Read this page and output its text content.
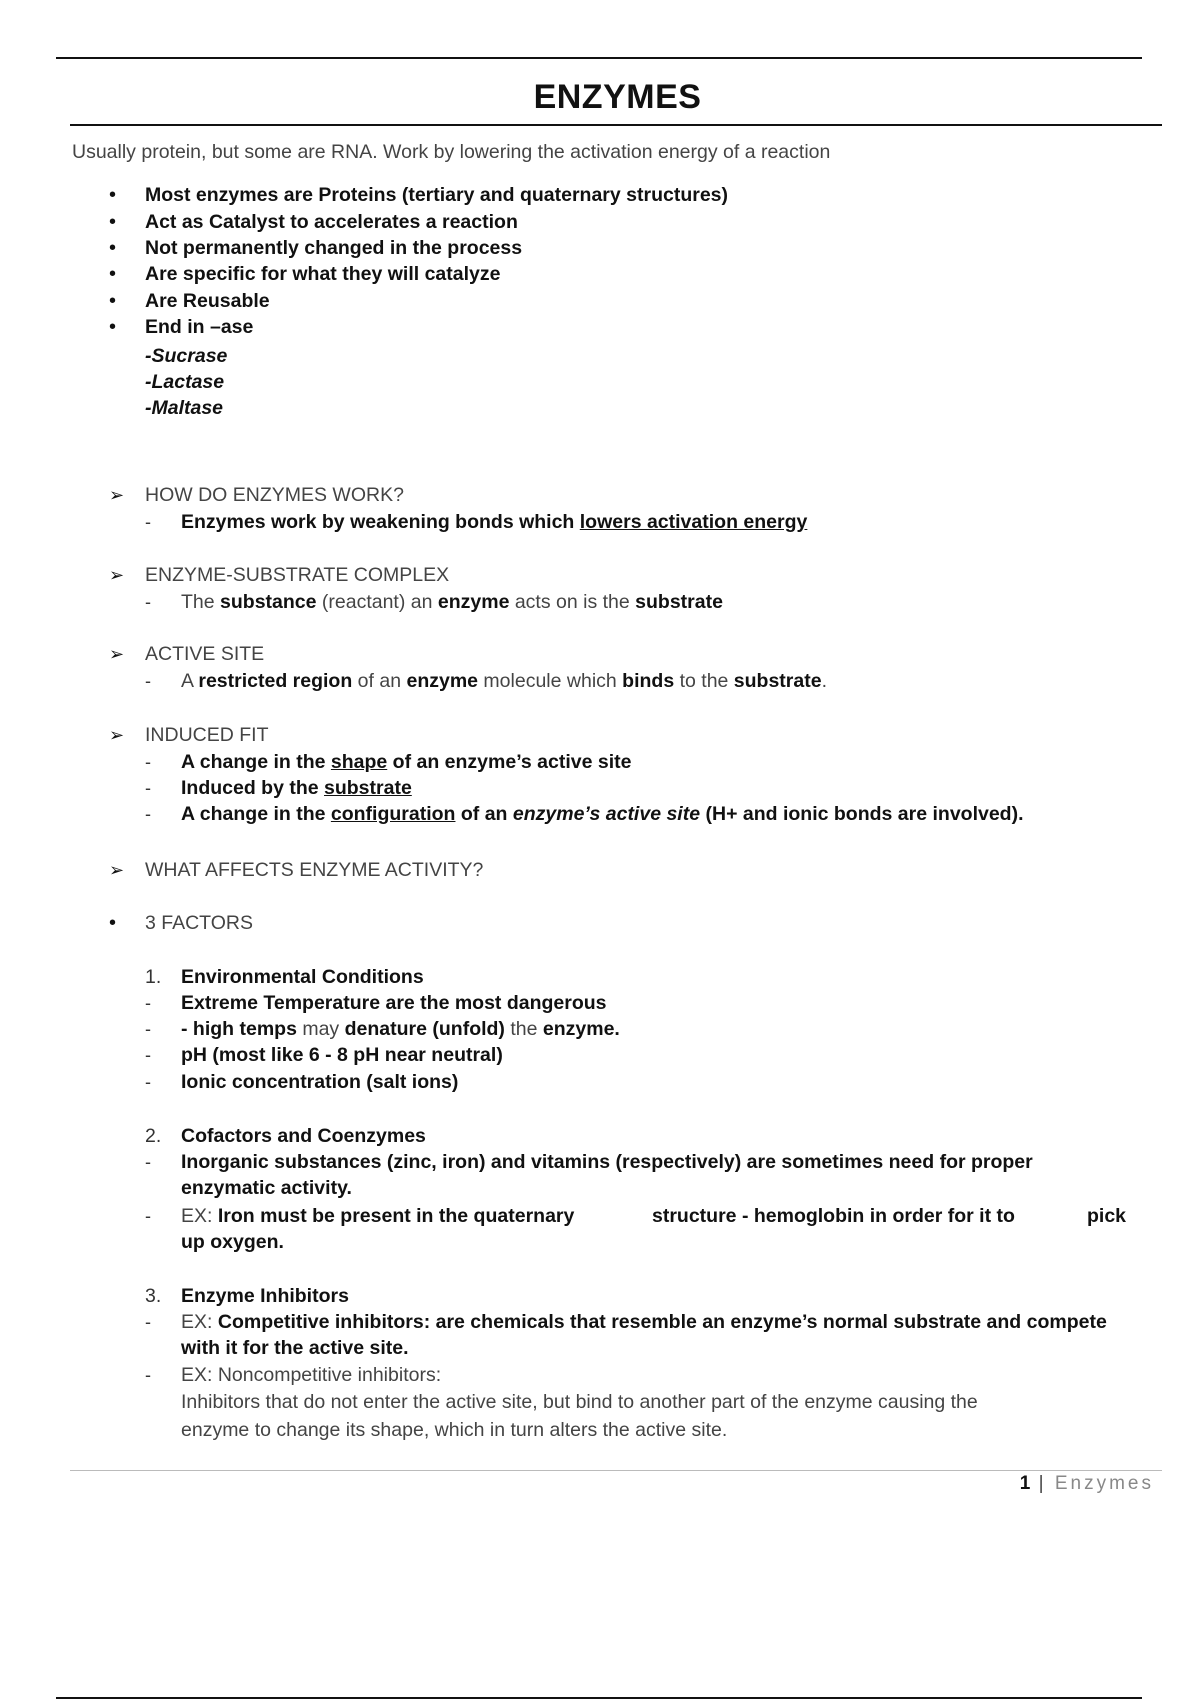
ENZYMES
Usually protein, but some are RNA. Work by lowering the activation energy of a reaction
• Most enzymes are Proteins (tertiary and quaternary structures)
• Act as Catalyst to accelerates a reaction
• Not permanently changed in the process
• Are specific for what they will catalyze
• Are Reusable
• End in –ase
-Sucrase
-Lactase
-Maltase
➢ HOW DO ENZYMES WORK?
- Enzymes work by weakening bonds which lowers activation energy
➢ ENZYME-SUBSTRATE COMPLEX
- The substance (reactant) an enzyme acts on is the substrate
➢ ACTIVE SITE
- A restricted region of an enzyme molecule which binds to the substrate.
➢ INDUCED FIT
- A change in the shape of an enzyme’s active site
- Induced by the substrate
- A change in the configuration of an enzyme’s active site (H+ and ionic bonds are involved).
➢ WHAT AFFECTS ENZYME ACTIVITY?
• 3 FACTORS
1. Environmental Conditions
- Extreme Temperature are the most dangerous
- - high temps may denature (unfold) the enzyme.
- pH (most like 6 - 8 pH near neutral)
- Ionic concentration (salt ions)
2. Cofactors and Coenzymes
- Inorganic substances (zinc, iron) and vitamins (respectively) are sometimes need for proper
enzymatic activity.
- EX: Iron must be present in the quaternary	structure - hemoglobin in order for it to	pick
up oxygen.
3. Enzyme Inhibitors
- EX: Competitive inhibitors: are chemicals that resemble an enzyme’s normal substrate and compete
with it for the active site.
- EX: Noncompetitive inhibitors:
Inhibitors that do not enter the active site, but bind to another part of the enzyme causing the
enzyme to change its shape, which in turn alters the active site.
1 | Enzymes
